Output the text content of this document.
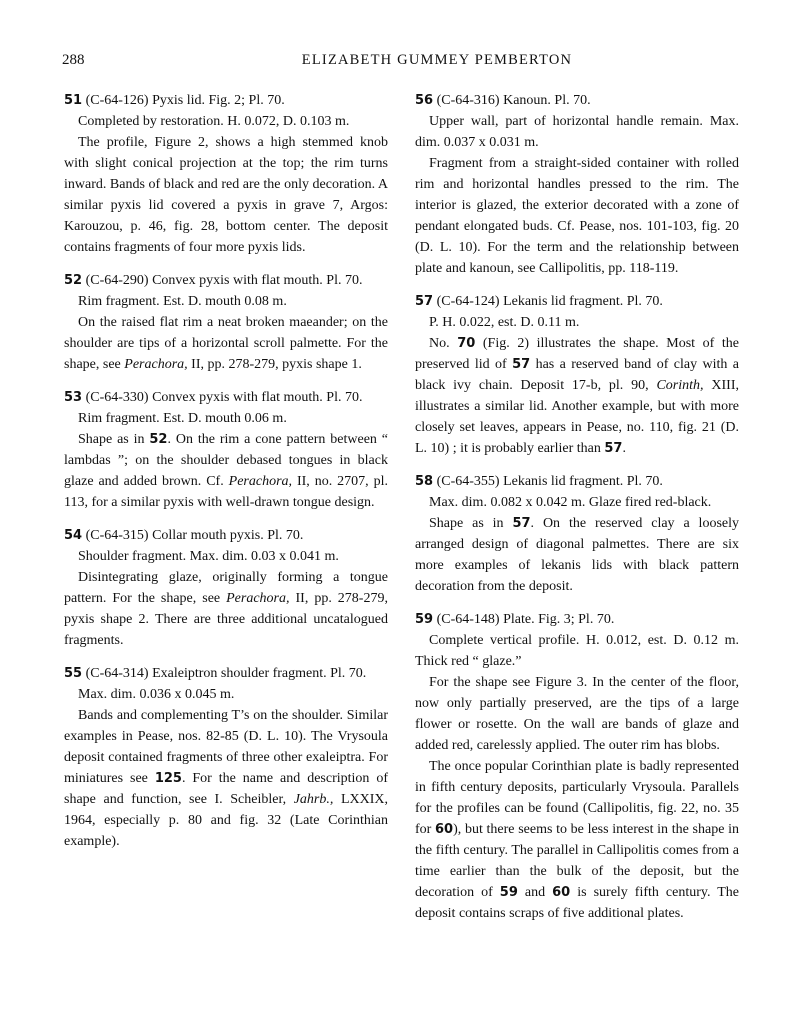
288	ELIZABETH GUMMEY PEMBERTON

51 (C-64-126) Pyxis lid. Fig. 2; Pl. 70.

Completed by restoration. H. 0.072, D. 0.103 m.

The profile, Figure 2, shows a high stemmed knob with slight conical projection at the top; the rim turns inward. Bands of black and red are the only decoration. A similar pyxis lid covered a pyxis in grave 7, Argos: Karouzou, p. 46, fig. 28, bottom center. The deposit contains fragments of four more pyxis lids.

52 (C-64-290) Convex pyxis with flat mouth. Pl. 70.

Rim fragment. Est. D. mouth 0.08 m.

On the raised flat rim a neat broken maeander; on the shoulder are tips of a horizontal scroll palmette. For the shape, see Perachora, II, pp. 278-279, pyxis shape 1.

53 (C-64-330) Convex pyxis with flat mouth. Pl. 70.

Rim fragment. Est. D. mouth 0.06 m.

Shape as in 52. On the rim a cone pattern between “ lambdas ”; on the shoulder debased tongues in black glaze and added brown. Cf. Perachora, II, no. 2707, pl. 113, for a similar pyxis with well-drawn tongue design.

54 (C-64-315) Collar mouth pyxis. Pl. 70.

Shoulder fragment. Max. dim. 0.03 x 0.041 m.

Disintegrating glaze, originally forming a tongue pattern. For the shape, see Perachora, II, pp. 278-279, pyxis shape 2. There are three additional uncatalogued fragments.

55 (C-64-314) Exaleiptron shoulder fragment. Pl. 70.

Max. dim. 0.036 x 0.045 m.

Bands and complementing T’s on the shoulder. Similar examples in Pease, nos. 82-85 (D. L. 10). The Vrysoula deposit contained fragments of three other exaleiptra. For miniatures see 125. For the name and description of shape and function, see I. Scheibler, Jahrb., LXXIX, 1964, especially p. 80 and fig. 32 (Late Corinthian example).

56 (C-64-316) Kanoun. Pl. 70.

Upper wall, part of horizontal handle remain. Max. dim. 0.037 x 0.031 m.

Fragment from a straight-sided container with rolled rim and horizontal handles pressed to the rim. The interior is glazed, the exterior decorated with a zone of pendant elongated buds. Cf. Pease, nos. 101-103, fig. 20 (D. L. 10). For the term and the relationship between plate and kanoun, see Callipolitis, pp. 118-119.

57 (C-64-124) Lekanis lid fragment. Pl. 70.

P. H. 0.022, est. D. 0.11 m.

No. 70 (Fig. 2) illustrates the shape. Most of the preserved lid of 57 has a reserved band of clay with a black ivy chain. Deposit 17-b, pl. 90, Corinth, XIII, illustrates a similar lid. Another example, but with more closely set leaves, appears in Pease, no. 110, fig. 21 (D. L. 10) ; it is probably earlier than 57.

58 (C-64-355) Lekanis lid fragment. Pl. 70.

Max. dim. 0.082 x 0.042 m. Glaze fired red-black.

Shape as in 57. On the reserved clay a loosely arranged design of diagonal palmettes. There are six more examples of lekanis lids with black pattern decoration from the deposit.

59 (C-64-148) Plate. Fig. 3; Pl. 70.

Complete vertical profile. H. 0.012, est. D. 0.12 m. Thick red “ glaze.”

For the shape see Figure 3. In the center of the floor, now only partially preserved, are the tips of a large flower or rosette. On the wall are bands of glaze and added red, carelessly applied. The outer rim has blobs.

The once popular Corinthian plate is badly represented in fifth century deposits, particularly Vrysoula. Parallels for the profiles can be found (Callipolitis, fig. 22, no. 35 for 60), but there seems to be less interest in the shape in the fifth century. The parallel in Callipolitis comes from a time earlier than the bulk of the deposit, but the decoration of 59 and 60 is surely fifth century. The deposit contains scraps of five additional plates.
